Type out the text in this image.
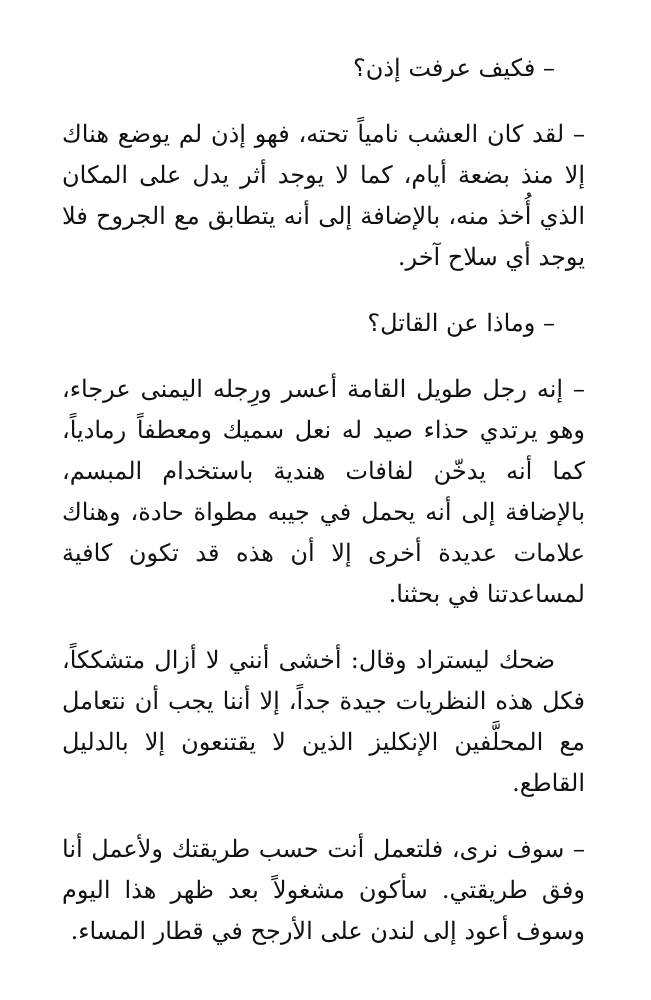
– فكيف عرفت إذن؟

– لقد كان العشب نامياً تحته، فهو إذن لم يوضع هناك إلا منذ بضعة أيام، كما لا يوجد أثر يدل على المكان الذي أُخذ منه، بالإضافة إلى أنه يتطابق مع الجروح فلا يوجد أي سلاح آخر.

– وماذا عن القاتل؟

– إنه رجل طويل القامة أعسر ورِجله اليمنى عرجاء، وهو يرتدي حذاء صيد له نعل سميك ومعطفاً رمادياً، كما أنه يدخّن لفافات هندية باستخدام المبسم، بالإضافة إلى أنه يحمل في جيبه مطواة حادة، وهناك علامات عديدة أخرى إلا أن هذه قد تكون كافية لمساعدتنا في بحثنا.

ضحك ليستراد وقال: أخشى أنني لا أزال متشككاً، فكل هذه النظريات جيدة جداً، إلا أننا يجب أن نتعامل مع المحلَّفين الإنكليز الذين لا يقتنعون إلا بالدليل القاطع.

– سوف نرى، فلتعمل أنت حسب طريقتك ولأعمل أنا وفق طريقتي. سأكون مشغولاً بعد ظهر هذا اليوم وسوف أعود إلى لندن على الأرجح في قطار المساء.
